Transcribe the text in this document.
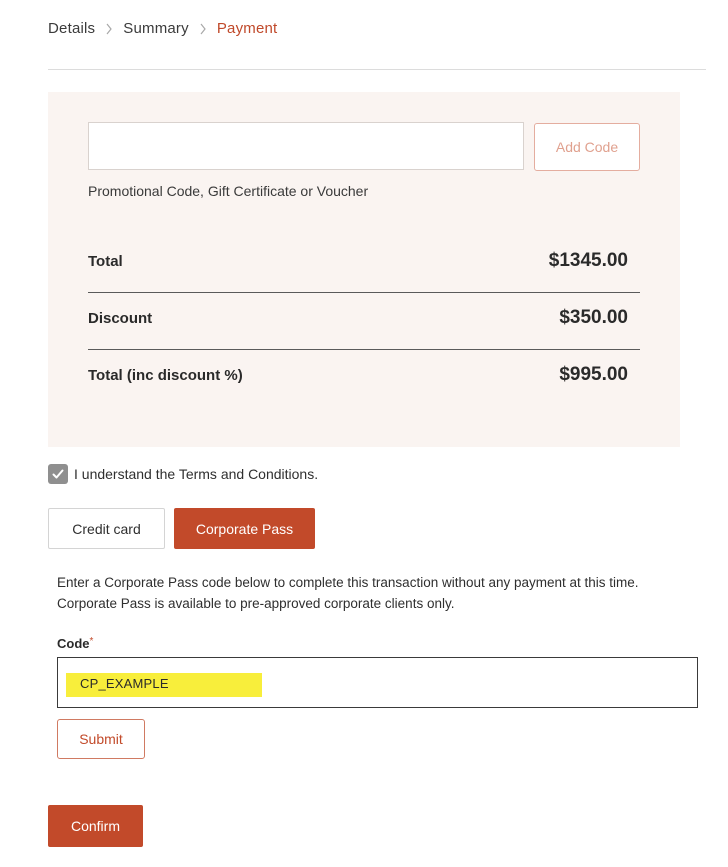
Details Summary Payment
Add Code
Promotional Code, Gift Certificate or Voucher
Total	$1345.00
Discount	$350.00
Total (inc discount %)	$995.00
I understand the Terms and Conditions.
Credit card	Corporate Pass
Enter a Corporate Pass code below to complete this transaction without any payment at this time.
Corporate Pass is available to pre-approved corporate clients only.
Code*
CP_EXAMPLE
Submit
Confirm
